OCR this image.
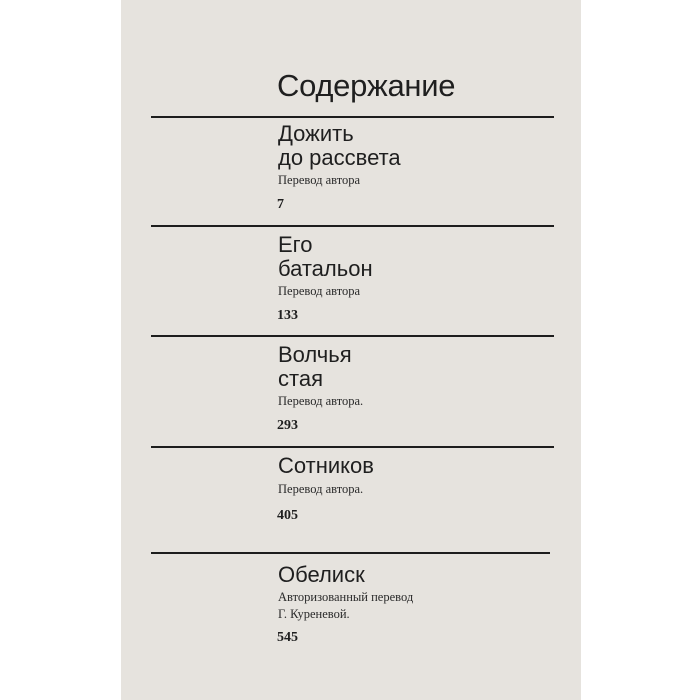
Содержание
Дожить
до рассвета
Перевод автора
7
Его
батальон
Перевод автора
133
Волчья
стая
Перевод автора.
293
Сотников
Перевод автора.
405
Обелиск
Авторизованный перевод
Г. Куреневой.
545
